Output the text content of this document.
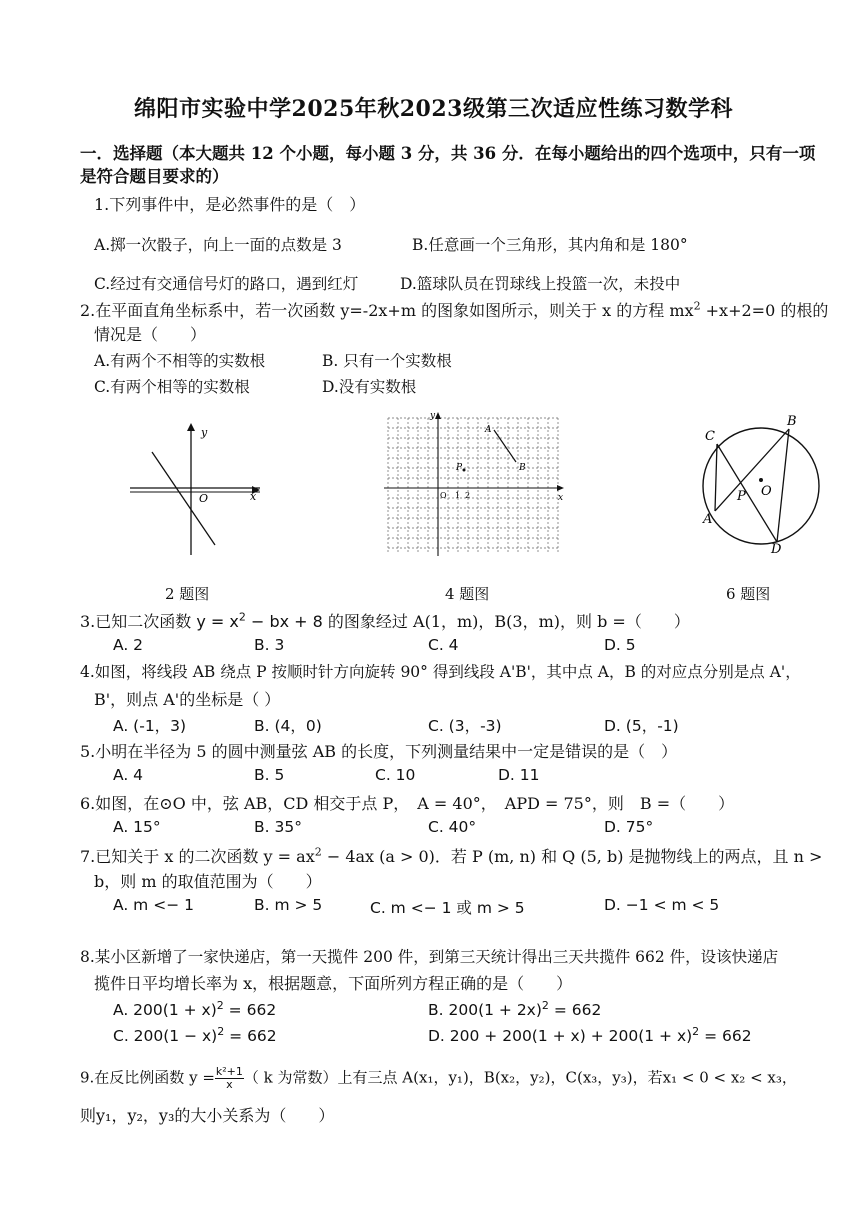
绵阳市实验中学2025年秋2023级第三次适应性练习数学科
一．选择题（本大题共 12 个小题，每小题 3 分，共 36 分．在每小题给出的四个选项中，只有一项
是符合题目要求的）
1.下列事件中，是必然事件的是（　）
A.掷一次骰子，向上一面的点数是 3	B.任意画一个三角形，其内角和是 180°
C.经过有交通信号灯的路口，遇到红灯	D.篮球队员在罚球线上投篮一次，未投中
2.在平面直角坐标系中，若一次函数 y=-2x+m 的图象如图所示，则关于 x 的方程 $mx^2 +x+2=0$ 的根的
情况是（　　）
A.有两个不相等的实数根	B. 只有一个实数根
C.有两个相等的实数根	D.没有实数根
y
x
O
2 题图
y
x
O 1 2
A
B
P
4 题图
C
B
A
D
P O
6 题图
3.已知二次函数 $y = x^2$ − bx + 8 的图象经过 A(1，m)，B(3，m)，则 b =（　　）
A. 2	B. 3	C. 4	D. 5
4.如图，将线段 AB 绕点 P 按顺时针方向旋转 90° 得到线段 A'B'，其中点 A，B 的对应点分别是点 A'，
B'，则点 A'的坐标是（ ）
A. (-1，3)	B. (4，0)	C. (3，-3)	D. (5，-1)
5.小明在半径为 5 的圆中测量弦 AB 的长度，下列测量结果中一定是错误的是（　）
A. 4	B. 5	C. 10	D. 11
6.如图，在⊙O 中，弦 AB，CD 相交于点 P，　A = 40°，　APD = 75°，则　B =（　　）
A. 15°	B. 35°	C. 40°	D. 75°
7.已知关于 x 的二次函数 $y = ax^2 - 4ax$ (a > 0)．若 P (m, n) 和 Q (5, b) 是抛物线上的两点，且 n >
b，则 m 的取值范围为（　　）
A. m <− 1	B. m > 5	C. m <− 1 或 m > 5	D. −1 < m < 5
8.某小区新增了一家快递店，第一天揽件 200 件，到第三天统计得出三天共揽件 662 件，设该快递店
揽件日平均增长率为 x，根据题意，下面所列方程正确的是（　　）
A. $200(1 + x)^2 = 662$	B. $200(1 + 2x)^2 = 662$
C. $200(1 - x)^2 = 662$	D. $200 + 200(1 + x) + 200(1 + x)^2 = 662$
9.在反比例函数 $y = \frac{\text{k²+1}}{x}$ （ k 为常数）上有三点 A(x₁，y₁)，B(x₂，y₂)，C(x₃，y₃)，若x₁ < 0 < x₂ < x₃，
则y₁，y₂，y₃的大小关系为（　　）
